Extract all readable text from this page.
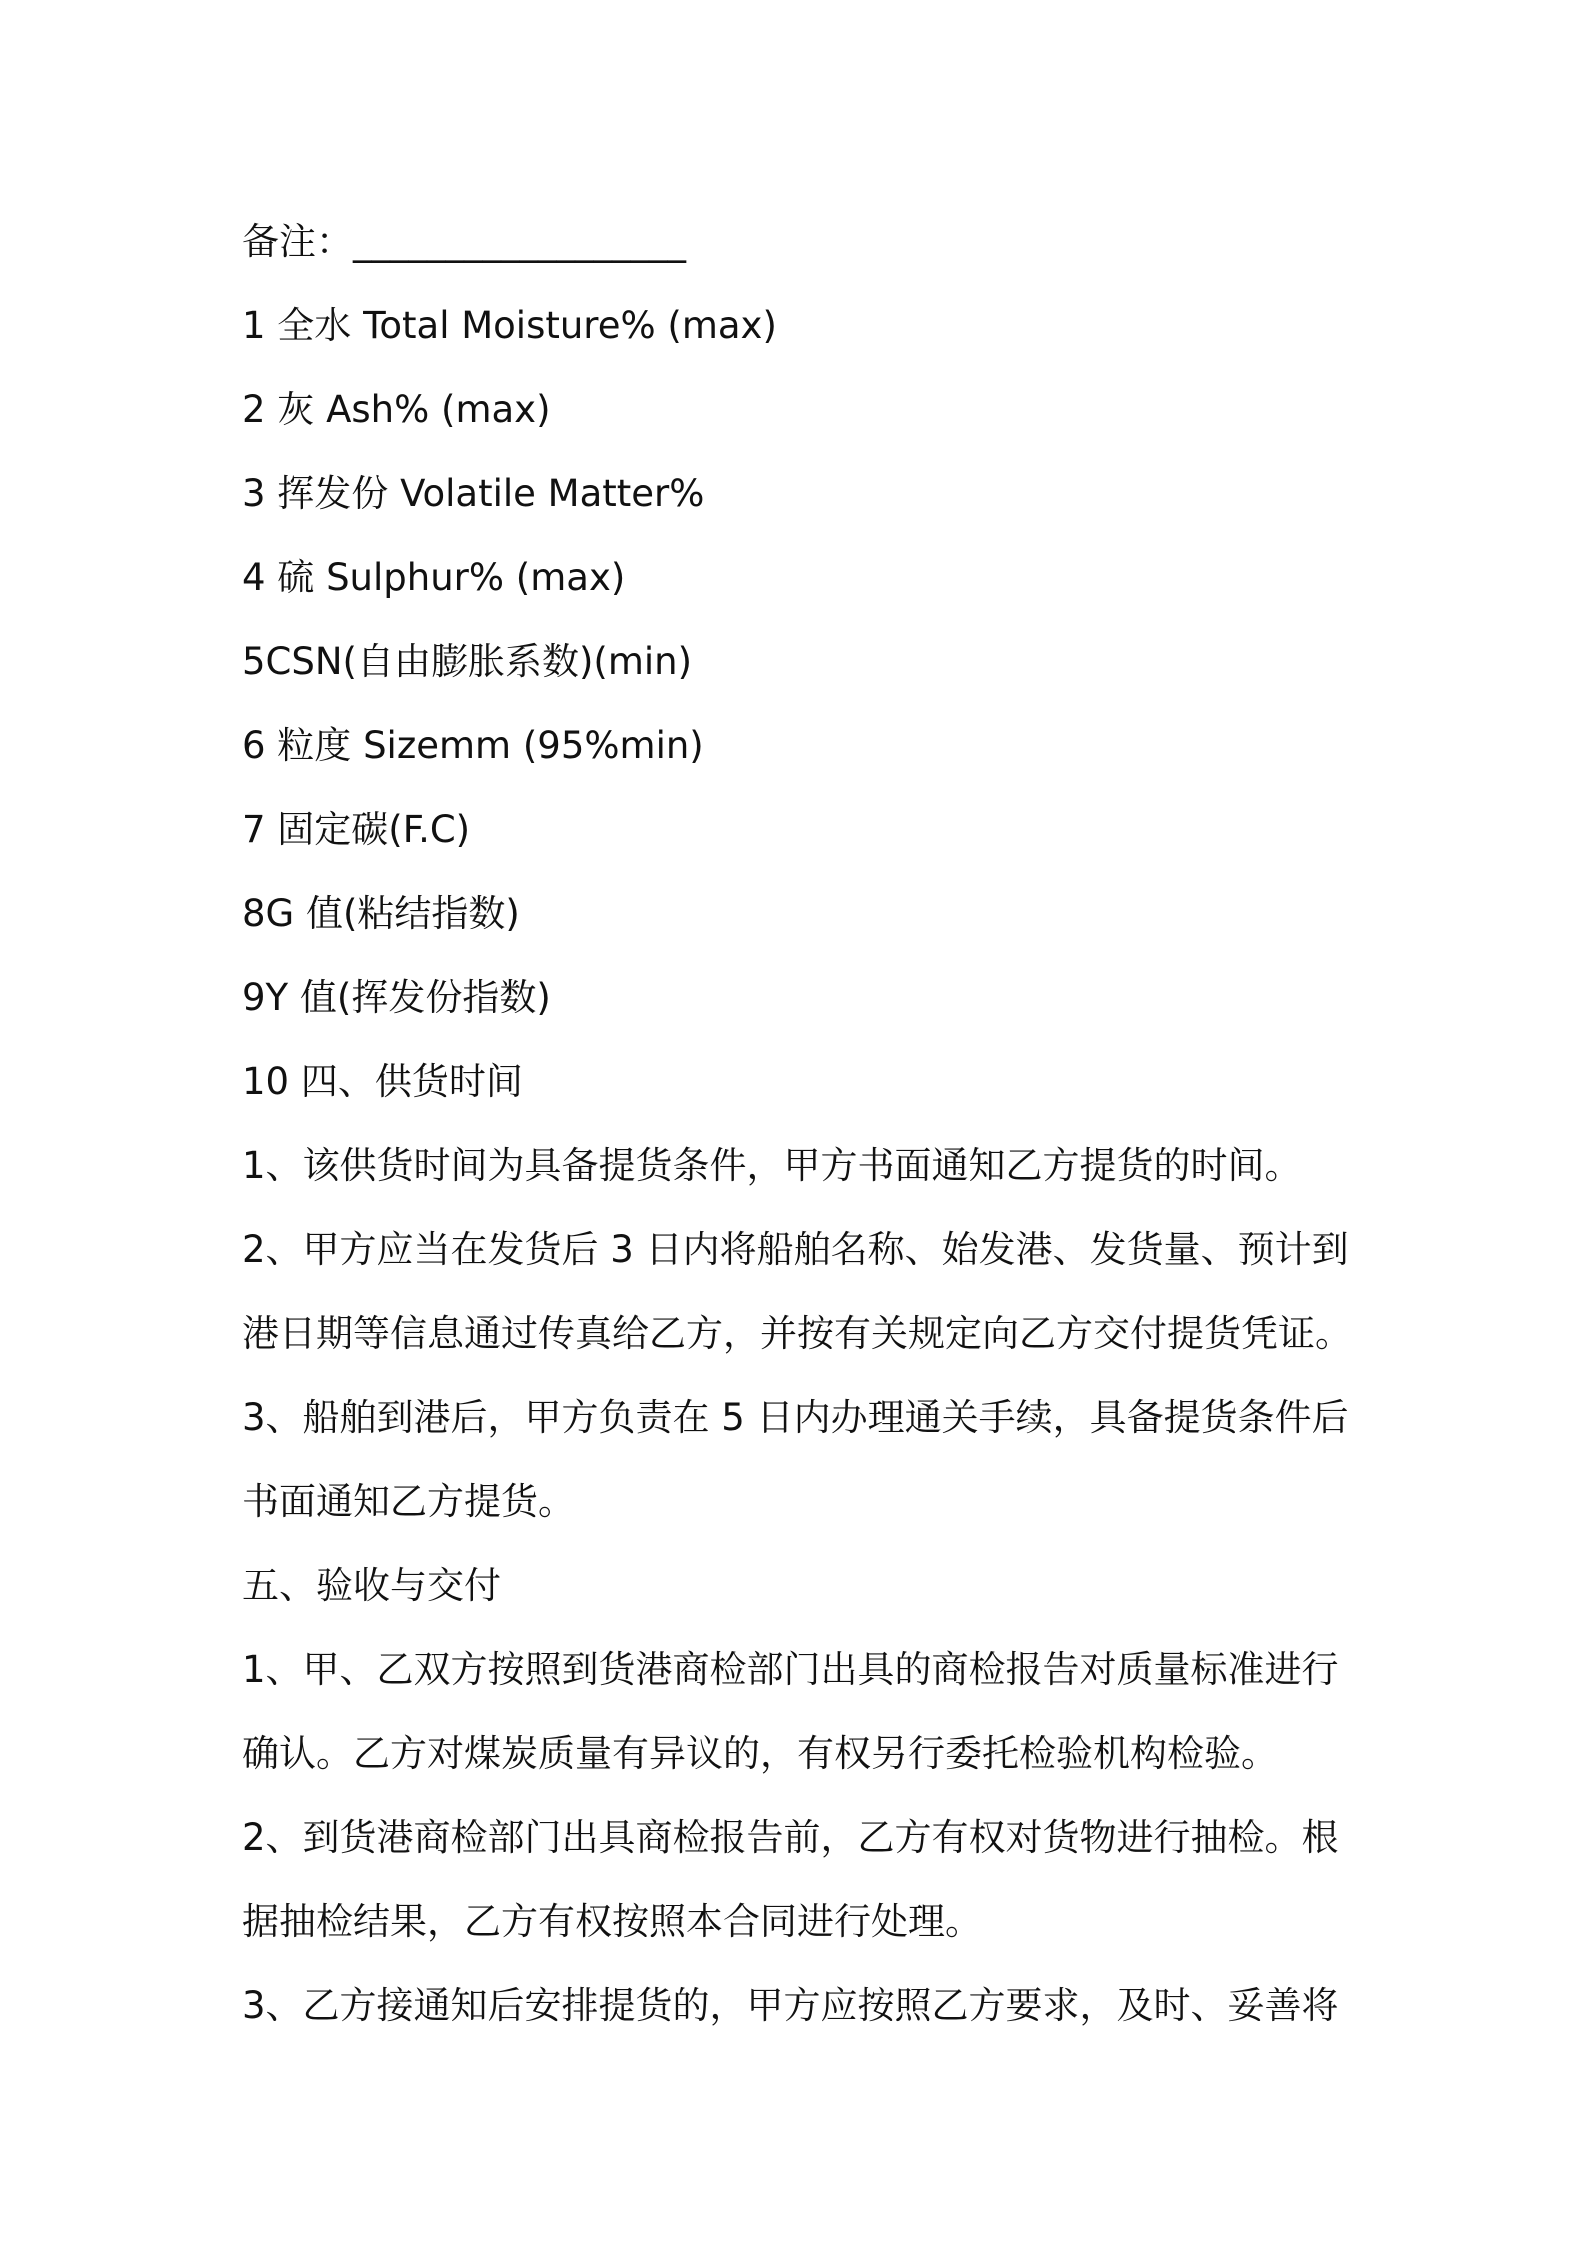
备注：__________________
1 全水 Total Moisture% (max)
2 灰 Ash% (max)
3 挥发份 Volatile Matter%
4 硫 Sulphur% (max)
5CSN(自由膨胀系数)(min)
6 粒度 Sizemm (95%min)
7 固定碳(F.C)
8G 值(粘结指数)
9Y 值(挥发份指数)
10 四、供货时间
1、该供货时间为具备提货条件，甲方书面通知乙方提货的时间。
2、甲方应当在发货后 3 日内将船舶名称、始发港、发货量、预计到
港日期等信息通过传真给乙方，并按有关规定向乙方交付提货凭证。
3、船舶到港后，甲方负责在 5 日内办理通关手续，具备提货条件后
书面通知乙方提货。
五、验收与交付
1、甲、乙双方按照到货港商检部门出具的商检报告对质量标准进行
确认。乙方对煤炭质量有异议的，有权另行委托检验机构检验。
2、到货港商检部门出具商检报告前，乙方有权对货物进行抽检。根
据抽检结果，乙方有权按照本合同进行处理。
3、乙方接通知后安排提货的，甲方应按照乙方要求，及时、妥善将
